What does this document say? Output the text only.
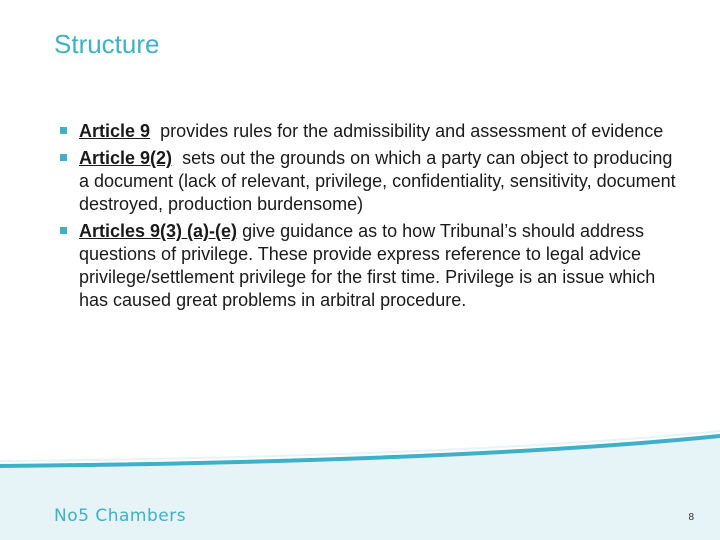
Structure
Article 9 provides rules for the admissibility and assessment of evidence
Article 9(2) sets out the grounds on which a party can object to producing a document (lack of relevant, privilege, confidentiality, sensitivity, document destroyed, production burdensome)
Articles 9(3) (a)-(e) give guidance as to how Tribunal’s should address questions of privilege. These provide express reference to legal advice privilege/settlement privilege for the first time. Privilege is an issue which has caused great problems in arbitral procedure.
No5 Chambers	8
